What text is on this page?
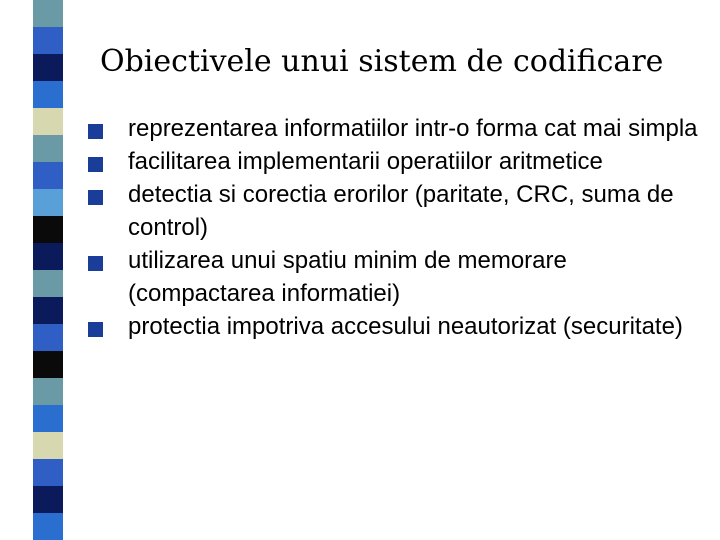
Obiectivele unui sistem de codificare
reprezentarea informatiilor intr-o forma cat mai simpla
facilitarea implementarii operatiilor aritmetice
detectia si corectia erorilor (paritate, CRC, suma de control)
utilizarea unui spatiu minim de memorare (compactarea informatiei)
protectia impotriva accesului neautorizat (securitate)
